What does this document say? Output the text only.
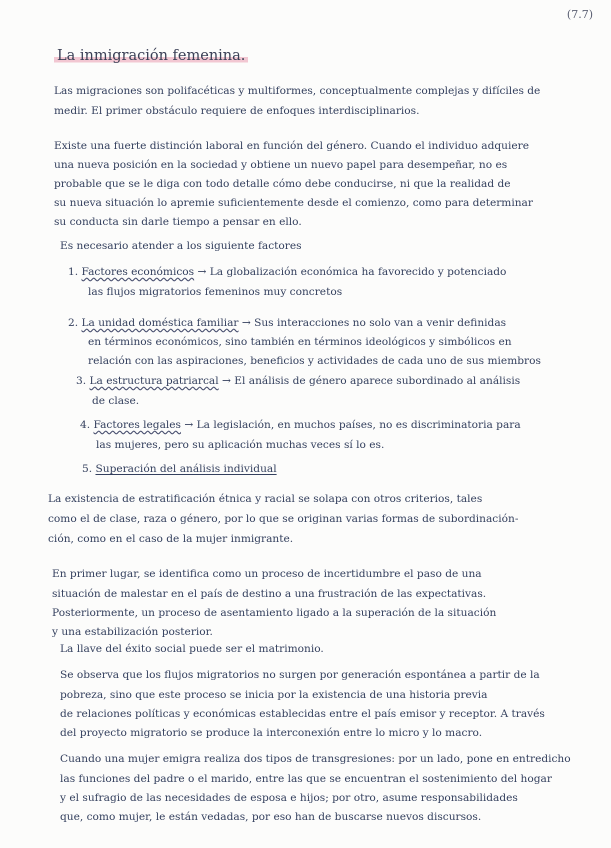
(7.7)
La inmigración femenina.
Las migraciones son polifacéticas y multiformes, conceptualmente complejas y difíciles de
medir. El primer obstáculo requiere de enfoques interdisciplinarios.
Existe una fuerte distinción laboral en función del género. Cuando el individuo adquiere
una nueva posición en la sociedad y obtiene un nuevo papel para desempeñar, no es
probable que se le diga con todo detalle cómo debe conducirse, ni que la realidad de
su nueva situación lo apremie suficientemente desde el comienzo, como para determinar
su conducta sin darle tiempo a pensar en ello.
Es necesario atender a los siguiente factores
1. Factores económicos → La globalización económica ha favorecido y potenciado
las flujos migratorios femeninos muy concretos
2. La unidad doméstica familiar → Sus interacciones no solo van a venir definidas
en términos económicos, sino también en términos ideológicos y simbólicos en
relación con las aspiraciones, beneficios y actividades de cada uno de sus miembros
3. La estructura patriarcal → El análisis de género aparece subordinado al análisis
de clase.
4. Factores legales → La legislación, en muchos países, no es discriminatoria para
las mujeres, pero su aplicación muchas veces sí lo es.
5. Superación del análisis individual
La existencia de estratificación étnica y racial se solapa con otros criterios, tales
como el de clase, raza o género, por lo que se originan varias formas de subordinación-
ción, como en el caso de la mujer inmigrante.
En primer lugar, se identifica como un proceso de incertidumbre el paso de una
situación de malestar en el país de destino a una frustración de las expectativas.
Posteriormente, un proceso de asentamiento ligado a la superación de la situación
y una estabilización posterior.
La llave del éxito social puede ser el matrimonio.
Se observa que los flujos migratorios no surgen por generación espontánea a partir de la
pobreza, sino que este proceso se inicia por la existencia de una historia previa
de relaciones políticas y económicas establecidas entre el país emisor y receptor. A través
del proyecto migratorio se produce la interconexión entre lo micro y lo macro.
Cuando una mujer emigra realiza dos tipos de transgresiones: por un lado, pone en entredicho
las funciones del padre o el marido, entre las que se encuentran el sostenimiento del hogar
y el sufragio de las necesidades de esposa e hijos; por otro, asume responsabilidades
que, como mujer, le están vedadas, por eso han de buscarse nuevos discursos.
